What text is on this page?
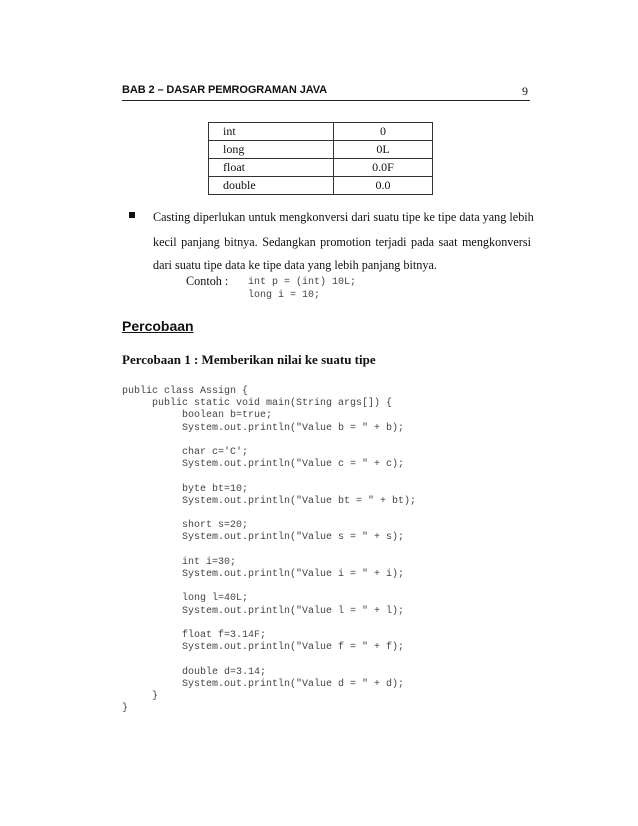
BAB 2 – DASAR PEMROGRAMAN JAVA	9
int	0
long	0L
float	0.0F
double	0.0
Casting diperlukan untuk mengkonversi dari suatu tipe ke tipe data yang lebih
kecil panjang bitnya. Sedangkan promotion terjadi pada saat mengkonversi
dari suatu tipe data ke tipe data yang lebih panjang bitnya.
Contoh : int p = (int) 10L;
long i = 10;
Percobaan
Percobaan 1 : Memberikan nilai ke suatu tipe
public class Assign {
public static void main(String args[]) {
boolean b=true;
System.out.println("Value b = " + b);

char c='C';
System.out.println("Value c = " + c);

byte bt=10;
System.out.println("Value bt = " + bt);

short s=20;
System.out.println("Value s = " + s);

int i=30;
System.out.println("Value i = " + i);

long l=40L;
System.out.println("Value l = " + l);

float f=3.14F;
System.out.println("Value f = " + f);

double d=3.14;
System.out.println("Value d = " + d);
}
}
